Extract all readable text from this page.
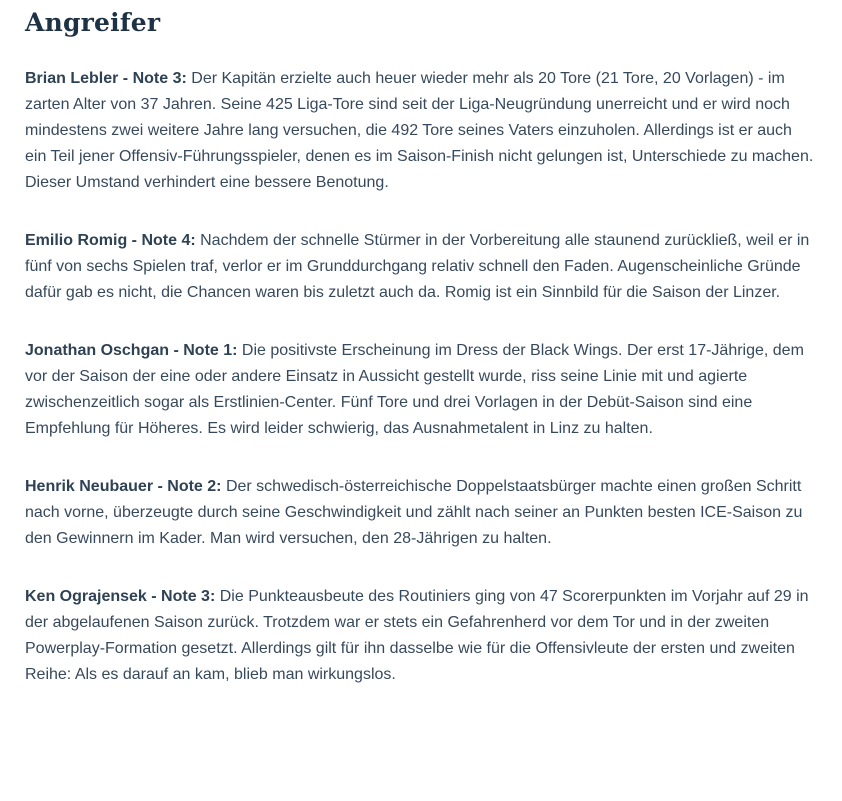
Angreifer

Brian Lebler - Note 3: Der Kapitän erzielte auch heuer wieder mehr als 20 Tore (21 Tore, 20 Vorlagen) - im zarten Alter von 37 Jahren. Seine 425 Liga-Tore sind seit der Liga-Neugründung unerreicht und er wird noch mindestens zwei weitere Jahre lang versuchen, die 492 Tore seines Vaters einzuholen. Allerdings ist er auch ein Teil jener Offensiv-Führungsspieler, denen es im Saison-Finish nicht gelungen ist, Unterschiede zu machen. Dieser Umstand verhindert eine bessere Benotung.

Emilio Romig - Note 4: Nachdem der schnelle Stürmer in der Vorbereitung alle staunend zurückließ, weil er in fünf von sechs Spielen traf, verlor er im Grunddurchgang relativ schnell den Faden. Augenscheinliche Gründe dafür gab es nicht, die Chancen waren bis zuletzt auch da. Romig ist ein Sinnbild für die Saison der Linzer.

Jonathan Oschgan - Note 1: Die positivste Erscheinung im Dress der Black Wings. Der erst 17-Jährige, dem vor der Saison der eine oder andere Einsatz in Aussicht gestellt wurde, riss seine Linie mit und agierte zwischenzeitlich sogar als Erstlinien-Center. Fünf Tore und drei Vorlagen in der Debüt-Saison sind eine Empfehlung für Höheres. Es wird leider schwierig, das Ausnahmetalent in Linz zu halten.

Henrik Neubauer - Note 2: Der schwedisch-österreichische Doppelstaatsbürger machte einen großen Schritt nach vorne, überzeugte durch seine Geschwindigkeit und zählt nach seiner an Punkten besten ICE-Saison zu den Gewinnern im Kader. Man wird versuchen, den 28-Jährigen zu halten.

Ken Ograjensek - Note 3: Die Punkteausbeute des Routiniers ging von 47 Scorerpunkten im Vorjahr auf 29 in der abgelaufenen Saison zurück. Trotzdem war er stets ein Gefahrenherd vor dem Tor und in der zweiten Powerplay-Formation gesetzt. Allerdings gilt für ihn dasselbe wie für die Offensivleute der ersten und zweiten Reihe: Als es darauf an kam, blieb man wirkungslos.
